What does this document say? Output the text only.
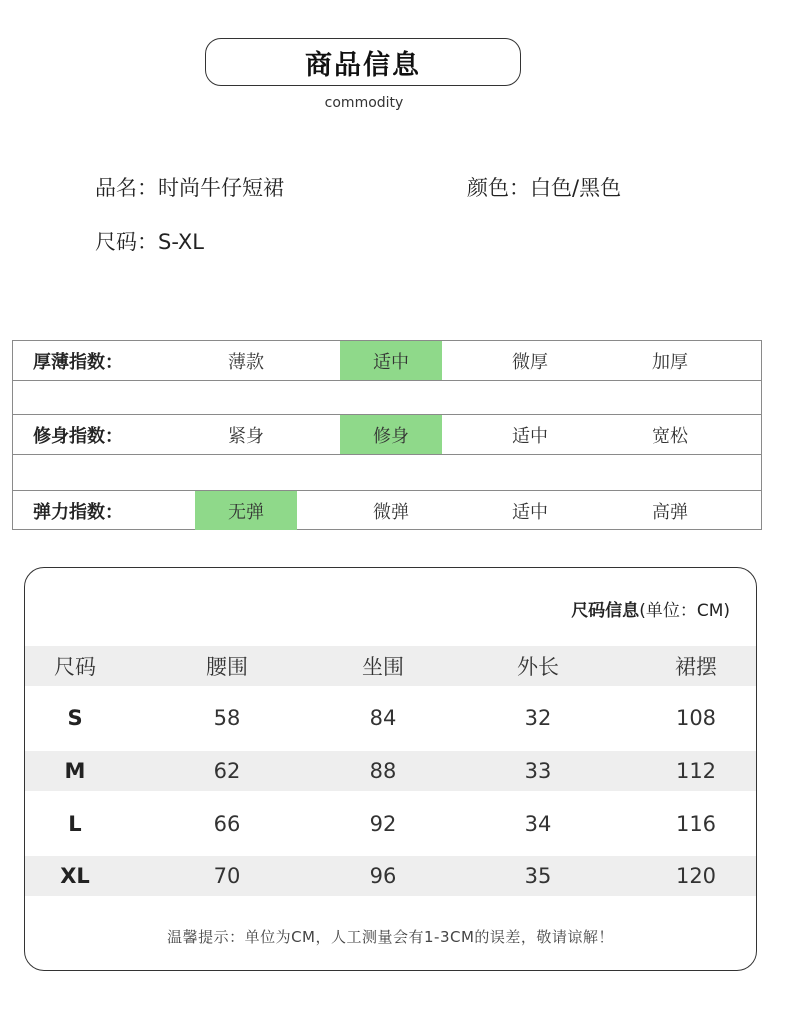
商品信息
commodity
品名：时尚牛仔短裙	颜色：白色/黑色
尺码：S-XL
厚薄指数：	薄款	适中	微厚	加厚
修身指数：	紧身	修身	适中	宽松
弹力指数：	无弹	微弹	适中	高弹
尺码信息(单位：CM)
尺码	腰围	坐围	外长	裙摆
S	58	84	32	108
M	62	88	33	112
L	66	92	34	116
XL	70	96	35	120
温馨提示：单位为CM，人工测量会有1-3CM的误差，敬请谅解！
